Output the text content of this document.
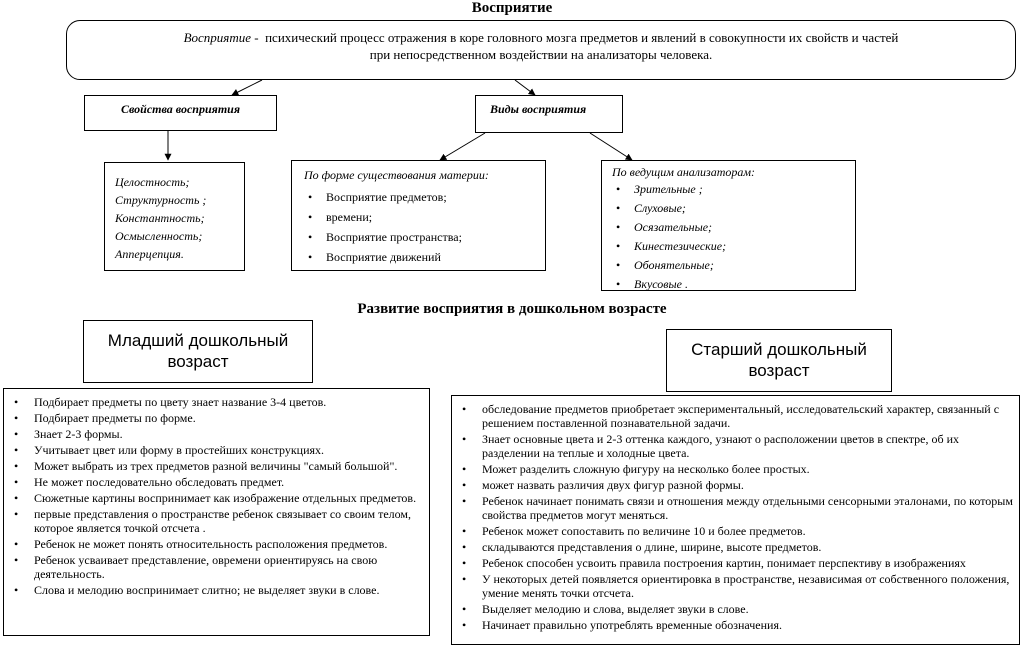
Восприятие
Восприятие - психический процесс отражения в коре головного мозга предметов и явлений в совокупности их свойств и частей
при непосредственном воздействии на анализаторы человека.
Свойства восприятия	Виды восприятия
Целостность;
Структурность ;
Константность;
Осмысленность;
Апперцепция.
По форме существования материи:
• Восприятие предметов;
• времени;
• Восприятие пространства;
• Восприятие движений
По ведущим анализаторам:
• Зрительные ;
• Слуховые;
• Осязательные;
• Кинестезические;
• Обонятельные;
• Вкусовые .
Развитие восприятия в дошкольном возрасте
Младший дошкольный
возраст
Старший дошкольный
возраст
• Подбирает предметы по цвету знает название 3-4 цветов.
• Подбирает предметы по форме.
• Знает 2-3 формы.
• Учитывает цвет или форму в простейших конструкциях.
• Может выбрать из трех предметов разной величины "самый большой".
• Не может последовательно обследовать предмет.
• Сюжетные картины воспринимает как изображение отдельных предметов.
• первые представления о пространстве ребенок связывает со своим телом, которое является точкой отсчета .
• Ребенок не может понять относительность расположения предметов.
• Ребенок усваивает представление, овремени ориентируясь на свою деятельность.
• Слова и мелодию воспринимает слитно; не выделяет звуки в слове.
• обследование предметов приобретает экспериментальный, исследовательский характер, связанный с решением поставленной познавательной задачи.
• Знает основные цвета и 2-3 оттенка каждого, узнают о расположении цветов в спектре, об их разделении на теплые и холодные цвета.
• Может разделить сложную фигуру на несколько более простых.
• может назвать различия двух фигур разной формы.
• Ребенок начинает понимать связи и отношения между отдельными сенсорными эталонами, по которым свойства предметов могут меняться.
• Ребенок может сопоставить по величине 10 и более предметов.
• складываются представления о длине, ширине, высоте предметов.
• Ребенок способен усвоить правила построения картин, понимает перспективу в изображениях
• У некоторых детей появляется ориентировка в пространстве, независимая от собственного положения, умение менять точки отсчета.
• Выделяет мелодию и слова, выделяет звуки в слове.
• Начинает правильно употреблять временные обозначения.
